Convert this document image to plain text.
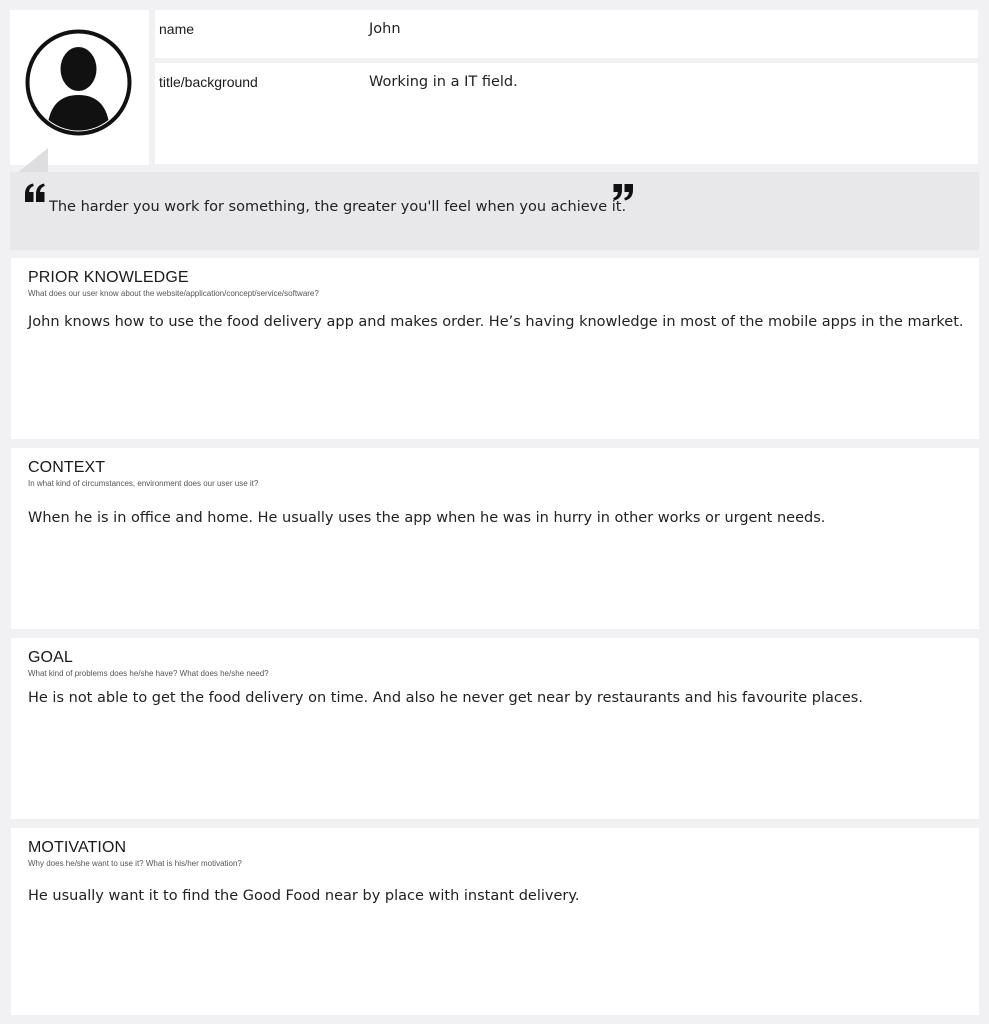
name	John
title/background	Working in a IT field.
The harder you work for something, the greater you'll feel when you achieve it.
PRIOR KNOWLEDGE
What does our user know about the website/application/concept/service/software?
John knows how to use the food delivery app and makes order. He’s having knowledge in most of the mobile apps in the market.
CONTEXT
In what kind of circumstances, environment does our user use it?
When he is in office and home. He usually uses the app when he was in hurry in other works or urgent needs.
GOAL
What kind of problems does he/she have? What does he/she need?
He is not able to get the food delivery on time. And also he never get near by restaurants and his favourite places.
MOTIVATION
Why does he/she want to use it? What is his/her motivation?
He usually want it to find the Good Food near by place with instant delivery.
